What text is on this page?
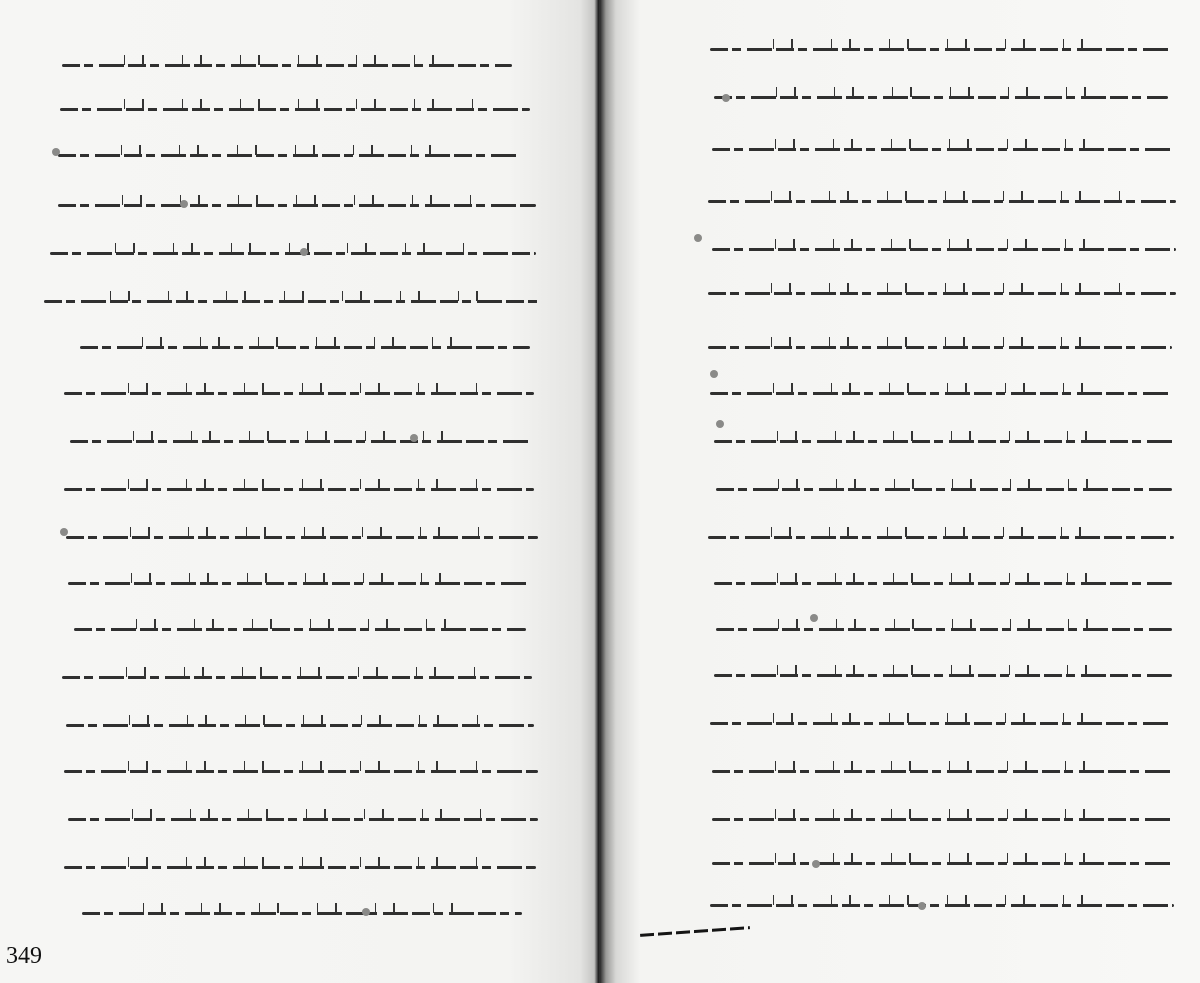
349
